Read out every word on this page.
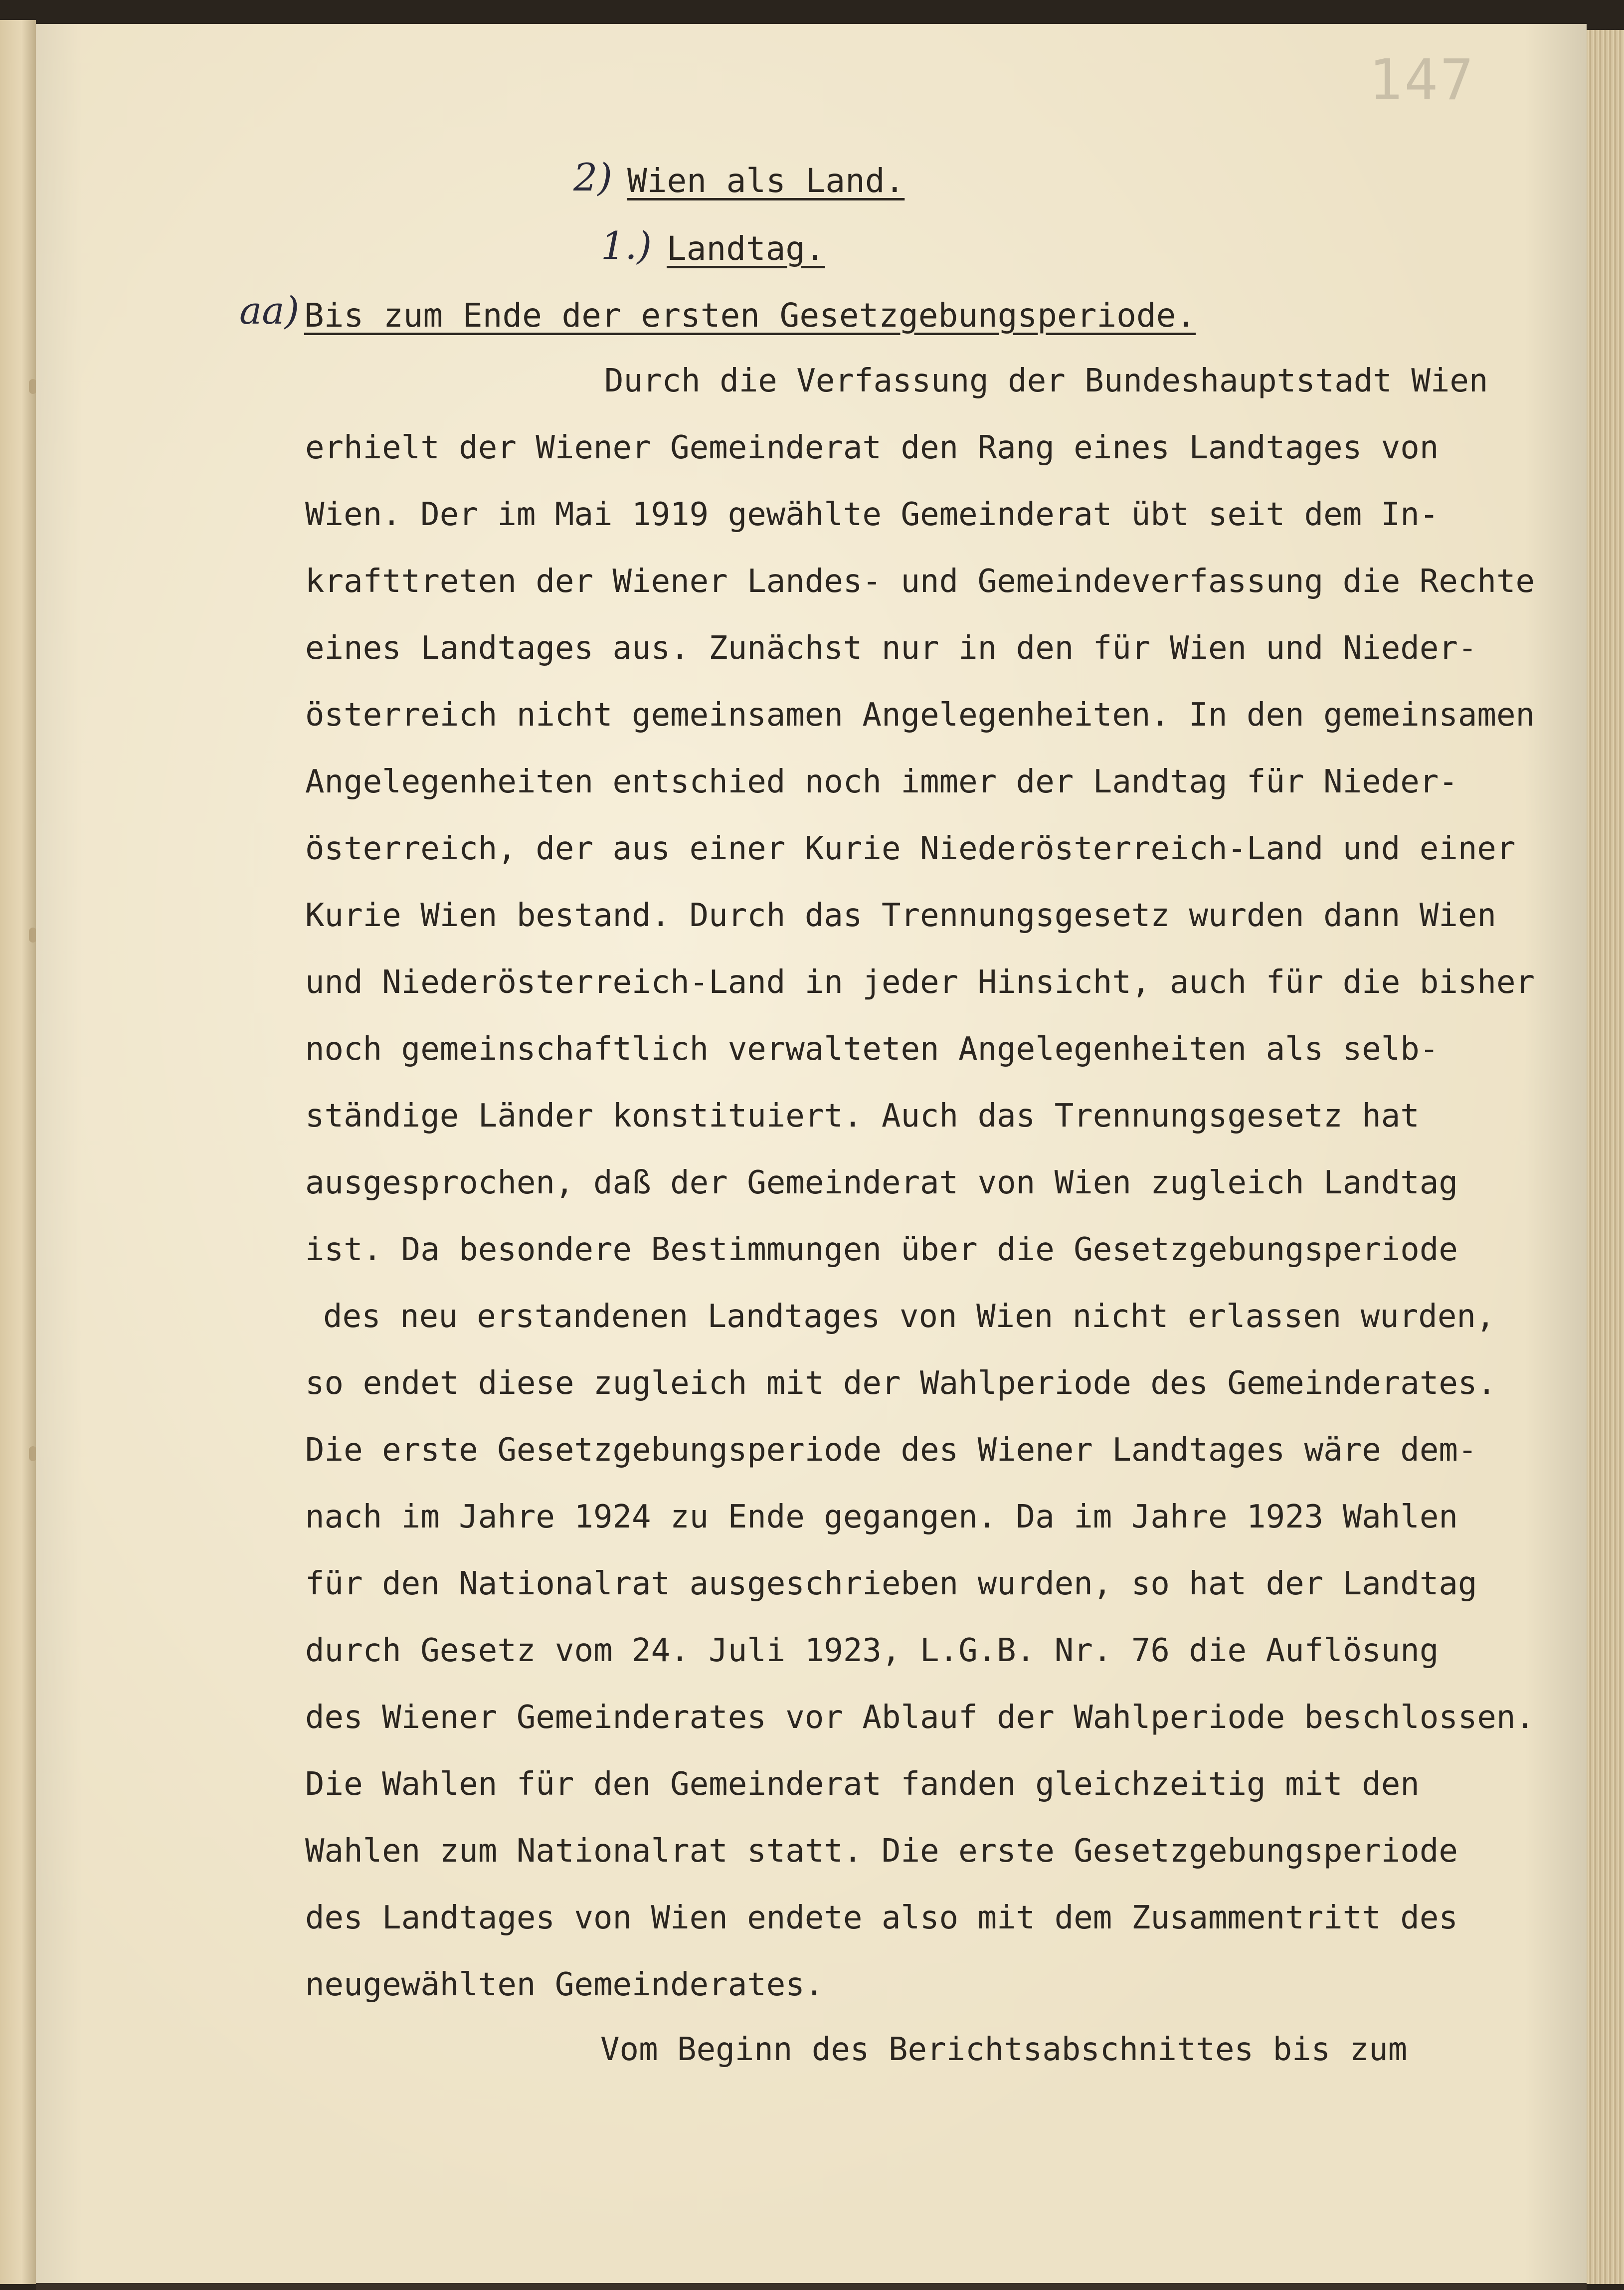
147
2) Wien als Land.
1.) Landtag.
aa) Bis zum Ende der ersten Gesetzgebungsperiode.
Durch die Verfassung der Bundeshauptstadt Wien
erhielt der Wiener Gemeinderat den Rang eines Landtages von
Wien. Der im Mai 1919 gewählte Gemeinderat übt seit dem In-
krafttreten der Wiener Landes- und Gemeindeverfassung die Rechte
eines Landtages aus. Zunächst nur in den für Wien und Nieder-
österreich nicht gemeinsamen Angelegenheiten. In den gemeinsamen
Angelegenheiten entschied noch immer der Landtag für Nieder-
österreich, der aus einer Kurie Niederösterreich-Land und einer
Kurie Wien bestand. Durch das Trennungsgesetz wurden dann Wien
und Niederösterreich-Land in jeder Hinsicht, auch für die bisher
noch gemeinschaftlich verwalteten Angelegenheiten als selb-
ständige Länder konstituiert. Auch das Trennungsgesetz hat
ausgesprochen, daß der Gemeinderat von Wien zugleich Landtag
ist. Da besondere Bestimmungen über die Gesetzgebungsperiode
des neu erstandenen Landtages von Wien nicht erlassen wurden,
so endet diese zugleich mit der Wahlperiode des Gemeinderates.
Die erste Gesetzgebungsperiode des Wiener Landtages wäre dem-
nach im Jahre 1924 zu Ende gegangen. Da im Jahre 1923 Wahlen
für den Nationalrat ausgeschrieben wurden, so hat der Landtag
durch Gesetz vom 24. Juli 1923, L.G.B. Nr. 76 die Auflösung
des Wiener Gemeinderates vor Ablauf der Wahlperiode beschlossen.
Die Wahlen für den Gemeinderat fanden gleichzeitig mit den
Wahlen zum Nationalrat statt. Die erste Gesetzgebungsperiode
des Landtages von Wien endete also mit dem Zusammentritt des
neugewählten Gemeinderates.
Vom Beginn des Berichtsabschnittes bis zum
